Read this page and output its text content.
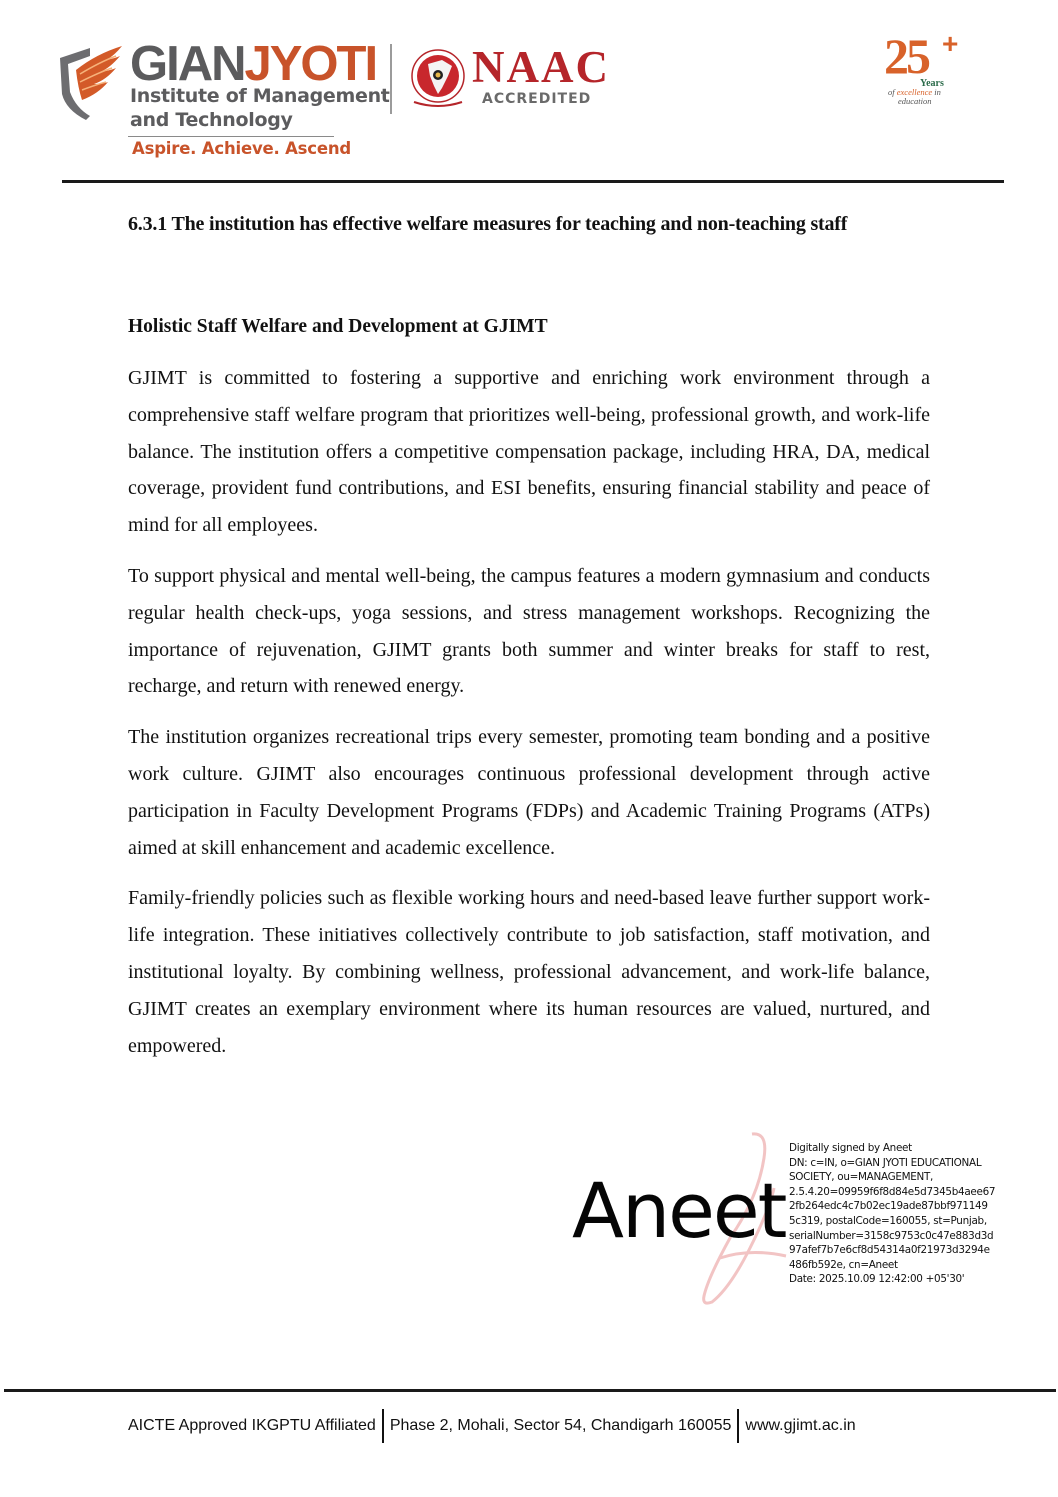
GIANJYOTI
Institute of Management
and Technology
Aspire. Achieve. Ascend
NAAC
ACCREDITED
25 +
Years
of excellence in
education
6.3.1 The institution has effective welfare measures for teaching and non-teaching staff
Holistic Staff Welfare and Development at GJIMT

GJIMT is committed to fostering a supportive and enriching work environment through a comprehensive staff welfare program that prioritizes well-being, professional growth, and work-life balance. The institution offers a competitive compensation package, including HRA, DA, medical coverage, provident fund contributions, and ESI benefits, ensuring financial stability and peace of mind for all employees.

To support physical and mental well-being, the campus features a modern gymnasium and conducts regular health check-ups, yoga sessions, and stress management workshops. Recognizing the importance of rejuvenation, GJIMT grants both summer and winter breaks for staff to rest, recharge, and return with renewed energy.

The institution organizes recreational trips every semester, promoting team bonding and a positive work culture. GJIMT also encourages continuous professional development through active participation in Faculty Development Programs (FDPs) and Academic Training Programs (ATPs) aimed at skill enhancement and academic excellence.

Family-friendly policies such as flexible working hours and need-based leave further support work-life integration. These initiatives collectively contribute to job satisfaction, staff motivation, and institutional loyalty. By combining wellness, professional advancement, and work-life balance, GJIMT creates an exemplary environment where its human resources are valued, nurtured, and empowered.

Aneet
Digitally signed by Aneet
DN: c=IN, o=GIAN JYOTI EDUCATIONAL
SOCIETY, ou=MANAGEMENT,
2.5.4.20=09959f6f8d84e5d7345b4aee67
2fb264edc4c7b02ec19ade87bbf971149
5c319, postalCode=160055, st=Punjab,
serialNumber=3158c9753c0c47e883d3d
97afef7b7e6cf8d54314a0f21973d3294e
486fb592e, cn=Aneet
Date: 2025.10.09 12:42:00 +05'30'
AICTE Approved IKGPTU Affiliated Phase 2, Mohali, Sector 54, Chandigarh 160055 www.gjimt.ac.in
